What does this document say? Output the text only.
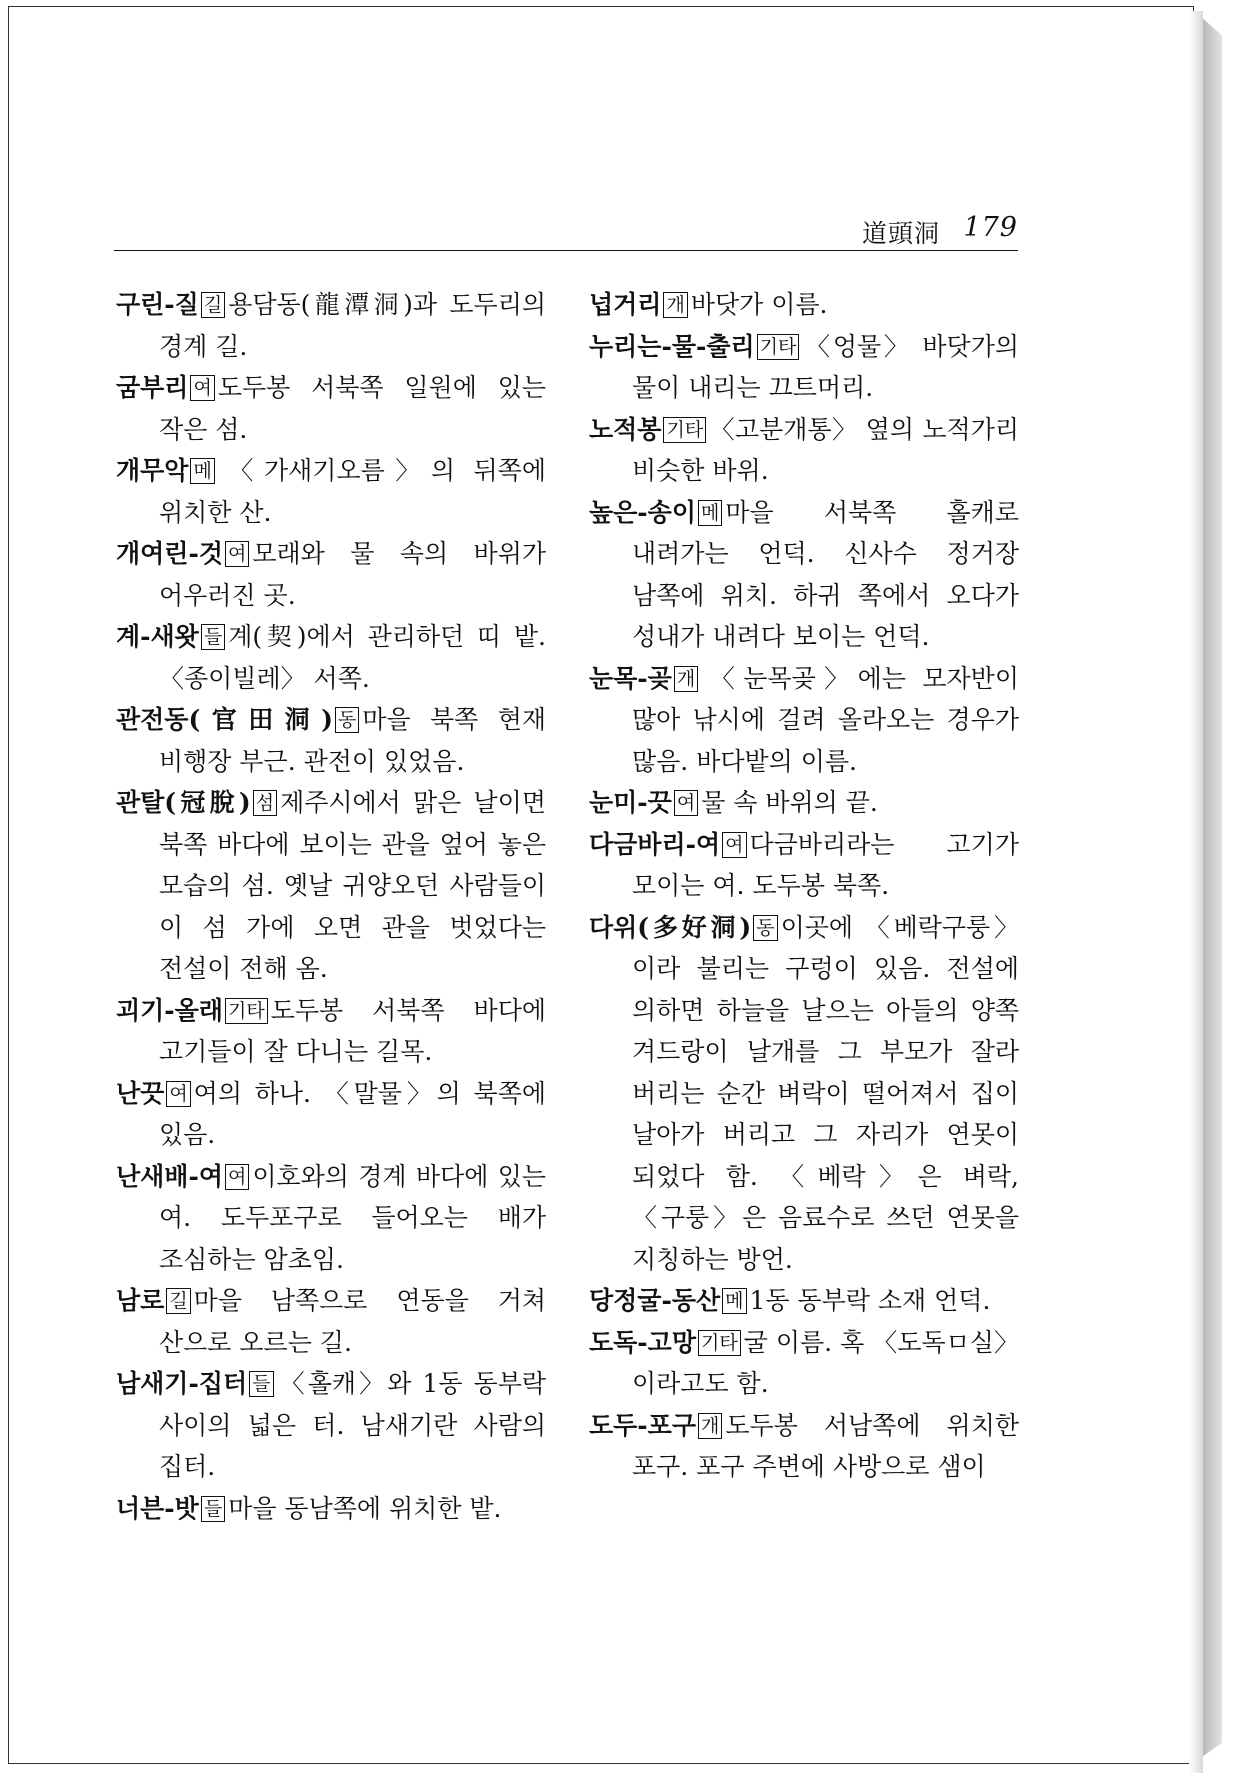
道頭洞 179
구린-질 길 용담동(龍潭洞)과 도두리의 경계 길.
굼부리 여 도두봉 서북쪽 일원에 있는 작은 섬.
개무악 메 〈가새기오름〉의 뒤쪽에 위치한 산.
개여린-것 여 모래와 물 속의 바위가 어우러진 곳.
계-새왓 들 계(契)에서 관리하던 띠 밭. 〈종이빌레〉 서쪽.
관전동(官田洞) 동 마을 북쪽 현재 비행장 부근. 관전이 있었음.
관탈(冠脫) 섬 제주시에서 맑은 날이면 북쪽 바다에 보이는 관을 엎어 놓은 모습의 섬. 옛날 귀양오던 사람들이 이 섬 가에 오면 관을 벗었다는 전설이 전해 옴.
괴기-올래 기타 도두봉 서북쪽 바다에 고기들이 잘 다니는 길목.
난끗 여 여의 하나. 〈말물〉의 북쪽에 있음.
난새배-여 여 이호와의 경계 바다에 있는 여. 도두포구로 들어오는 배가 조심하는 암초임.
남로 길 마을 남쪽으로 연동을 거쳐 산으로 오르는 길.
남새기-집터 들 〈홀캐〉와 1동 동부락 사이의 넓은 터. 남새기란 사람의 집터.
너븐-밧 들 마을 동남쪽에 위치한 밭.
넙거리 개 바닷가 이름.
누리는-물-출리 기타 〈엉물〉 바닷가의 물이 내리는 끄트머리.
노적봉 기타 〈고분개통〉 옆의 노적가리 비슷한 바위.
높은-송이 메 마을 서북쪽 홀캐로 내려가는 언덕. 신사수 정거장 남쪽에 위치. 하귀 쪽에서 오다가 성내가 내려다 보이는 언덕.
눈목-곶 개 〈눈목곶〉에는 모자반이 많아 낚시에 걸려 올라오는 경우가 많음. 바다밭의 이름.
눈미-끗 여 물 속 바위의 끝.
다금바리-여 여 다금바리라는 고기가 모이는 여. 도두봉 북쪽.
다위(多好洞) 동 이곳에 〈베락구룽〉이라 불리는 구렁이 있음. 전설에 의하면 하늘을 날으는 아들의 양쪽 겨드랑이 날개를 그 부모가 잘라 버리는 순간 벼락이 떨어져서 집이 날아가 버리고 그 자리가 연못이 되었다 함. 〈베락〉은 벼락, 〈구룽〉은 음료수로 쓰던 연못을 지칭하는 방언.
당정굴-동산 메 1동 동부락 소재 언덕.
도독-고망 기타 굴 이름. 혹 〈도독ㅁ실〉이라고도 함.
도두-포구 개 도두봉 서남쪽에 위치한 포구. 포구 주변에 사방으로 샘이
